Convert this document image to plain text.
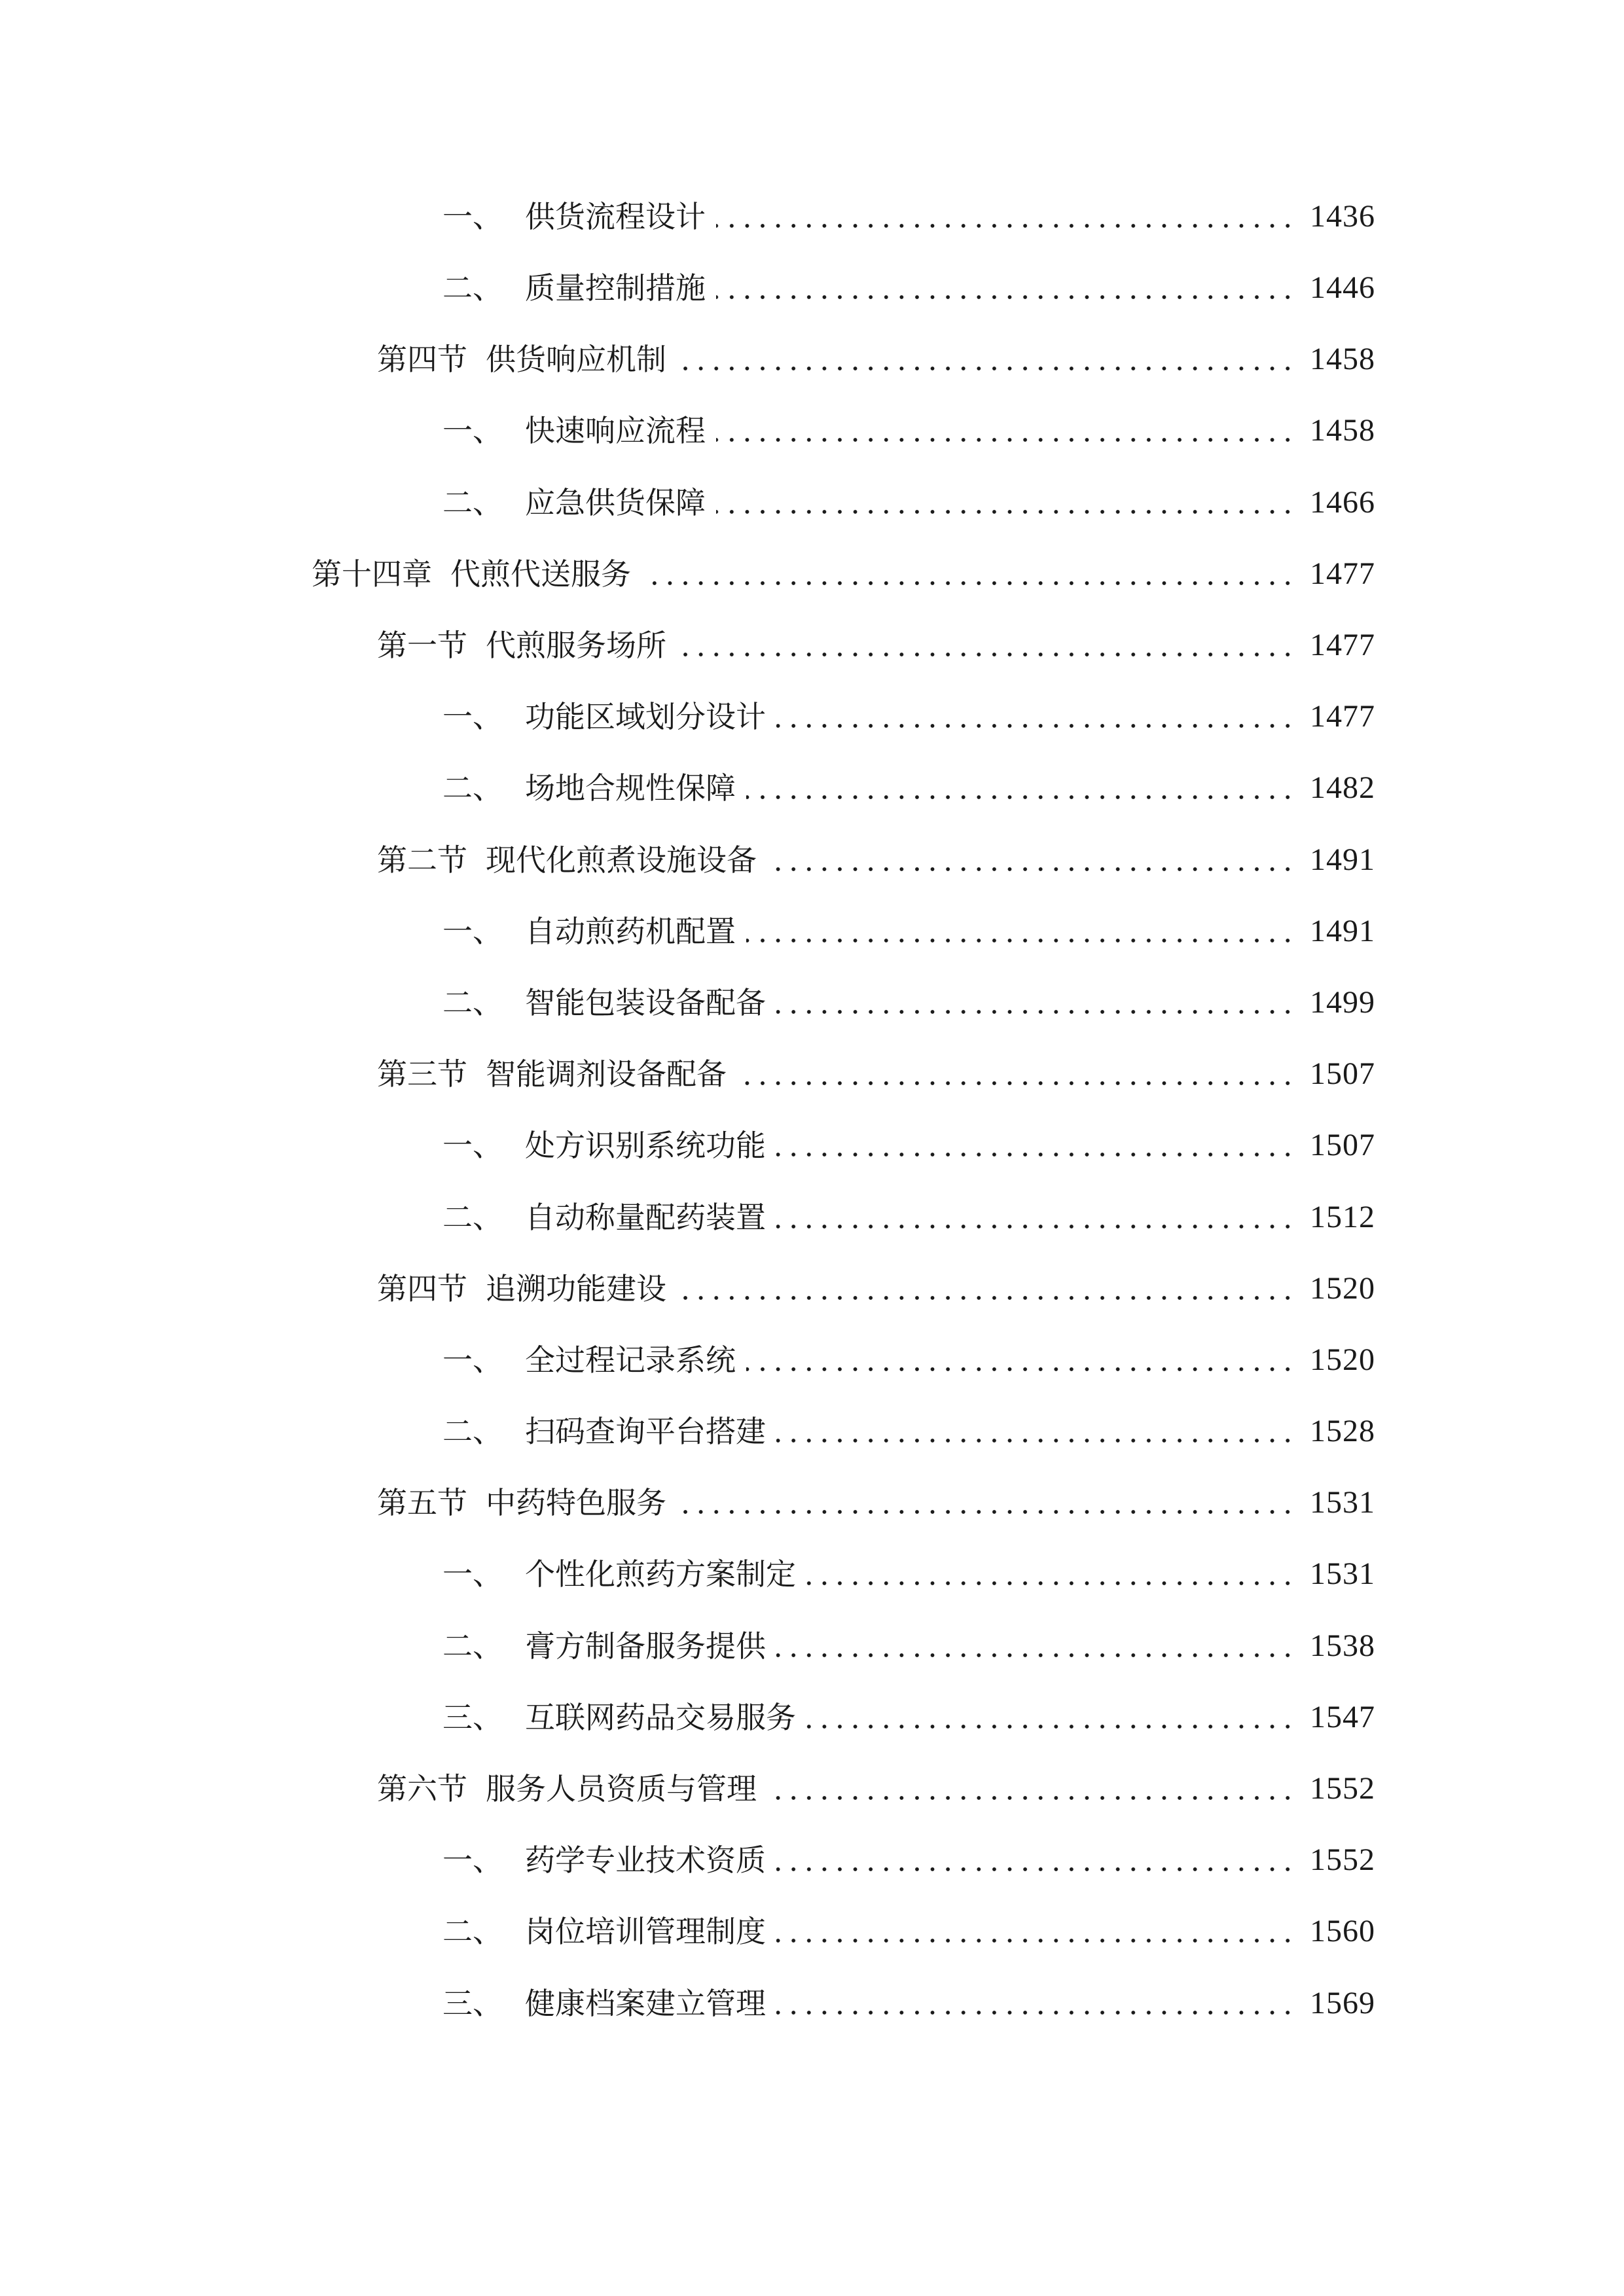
一、 供货流程设计	1436
二、 质量控制措施	1446
第四节 供货响应机制	1458
一、 快速响应流程	1458
二、 应急供货保障	1466
第十四章 代煎代送服务	1477
第一节 代煎服务场所	1477
一、 功能区域划分设计	1477
二、 场地合规性保障	1482
第二节 现代化煎煮设施设备	1491
一、 自动煎药机配置	1491
二、 智能包装设备配备	1499
第三节 智能调剂设备配备	1507
一、 处方识别系统功能	1507
二、 自动称量配药装置	1512
第四节 追溯功能建设	1520
一、 全过程记录系统	1520
二、 扫码查询平台搭建	1528
第五节 中药特色服务	1531
一、 个性化煎药方案制定	1531
二、 膏方制备服务提供	1538
三、 互联网药品交易服务	1547
第六节 服务人员资质与管理	1552
一、 药学专业技术资质	1552
二、 岗位培训管理制度	1560
三、 健康档案建立管理	1569
